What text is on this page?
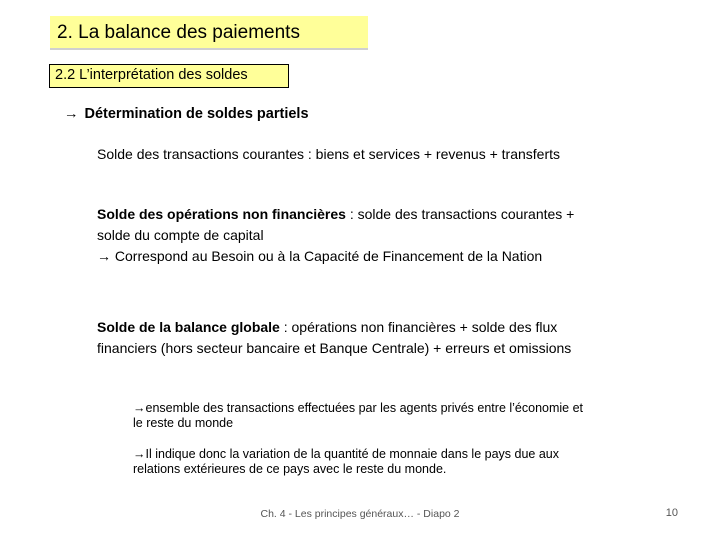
2. La balance des paiements
2.2 L’interprétation des soldes
→ Détermination de soldes partiels
Solde des transactions courantes : biens et services + revenus + transferts
Solde des opérations non financières : solde des transactions courantes + solde du compte de capital
→ Correspond au Besoin ou à la Capacité de Financement de la Nation
Solde de la balance globale : opérations non financières + solde des flux financiers (hors secteur bancaire et Banque Centrale) + erreurs et omissions
→ensemble des transactions effectuées par les agents privés entre l’économie et le reste du monde
→Il indique donc la variation de la quantité de monnaie dans le pays due aux relations extérieures de ce pays avec le reste du monde.
Ch. 4 - Les principes généraux… - Diapo 2	10
